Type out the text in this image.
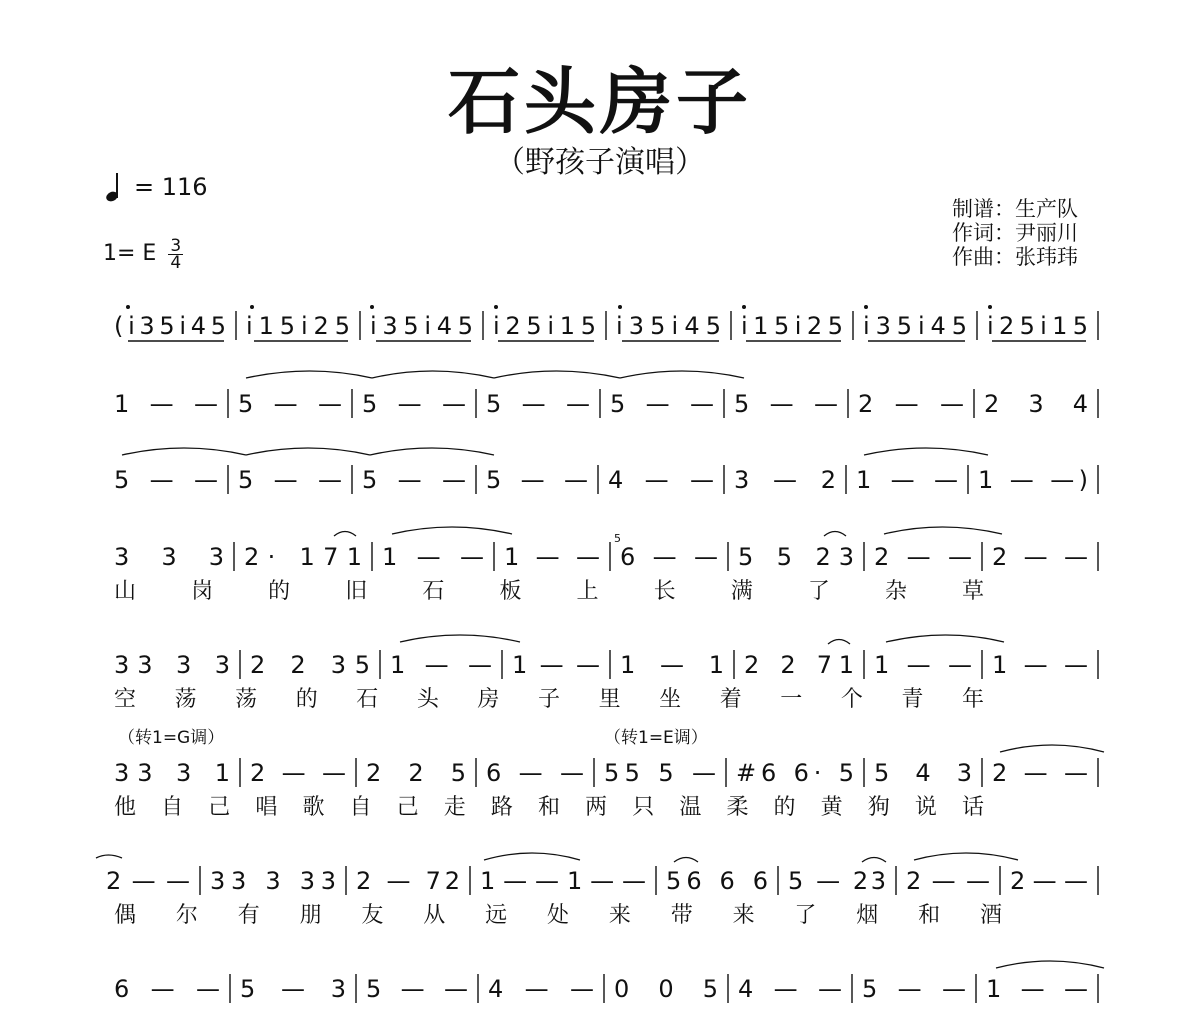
石头房子
（野孩子演唱）
= 116
1= E $\frac{3}{4}$
制谱：生产队
作词：尹丽川
作曲：张玮玮
（转1=G调）	（转1=E调）
(i35i45 i15i25 i35i45 i25i15 i35i45 i15i25 i35i45 i25i15
1 — — 5 — — 5 — — 5 — — 5 — — 5 — — 2 — — 2 3 4
5 — — 5 — — 5 — — 5 — — 4 — — 3 — 2 1 — — 1 — —)
3 3 3 2· 171 1 — — 1 — — 6 — — 5 5 23 2 — — 2 — —
33 3 3 2 2 35 1 — — 1 — — 1 — 1 2 2 71 1 — — 1 — —
33 3 1 2 — — 2 2 5 6 — — 55 5 — #6 6· 5 5 4 3 2 — —
2 — — 33 3 33 2 — 72 1 — — 1 — — 56 6 6 5 — 23 2 — — 2 — —
6 — — 5 — 3 5 — — 4 — — 0 0 5 4 — — 5 — — 1 — —
5
山	岗	的	旧	石	板	上	长	满	了	杂	草
空 荡 荡 的 石 头 房 子 里 坐 着 一 个 青 年
他 自 己 唱 歌 自 己 走 路 和 两 只 温 柔 的 黄 狗 说 话
偶 尔 有 朋 友 从 远 处 来 带 来 了 烟 和 酒
